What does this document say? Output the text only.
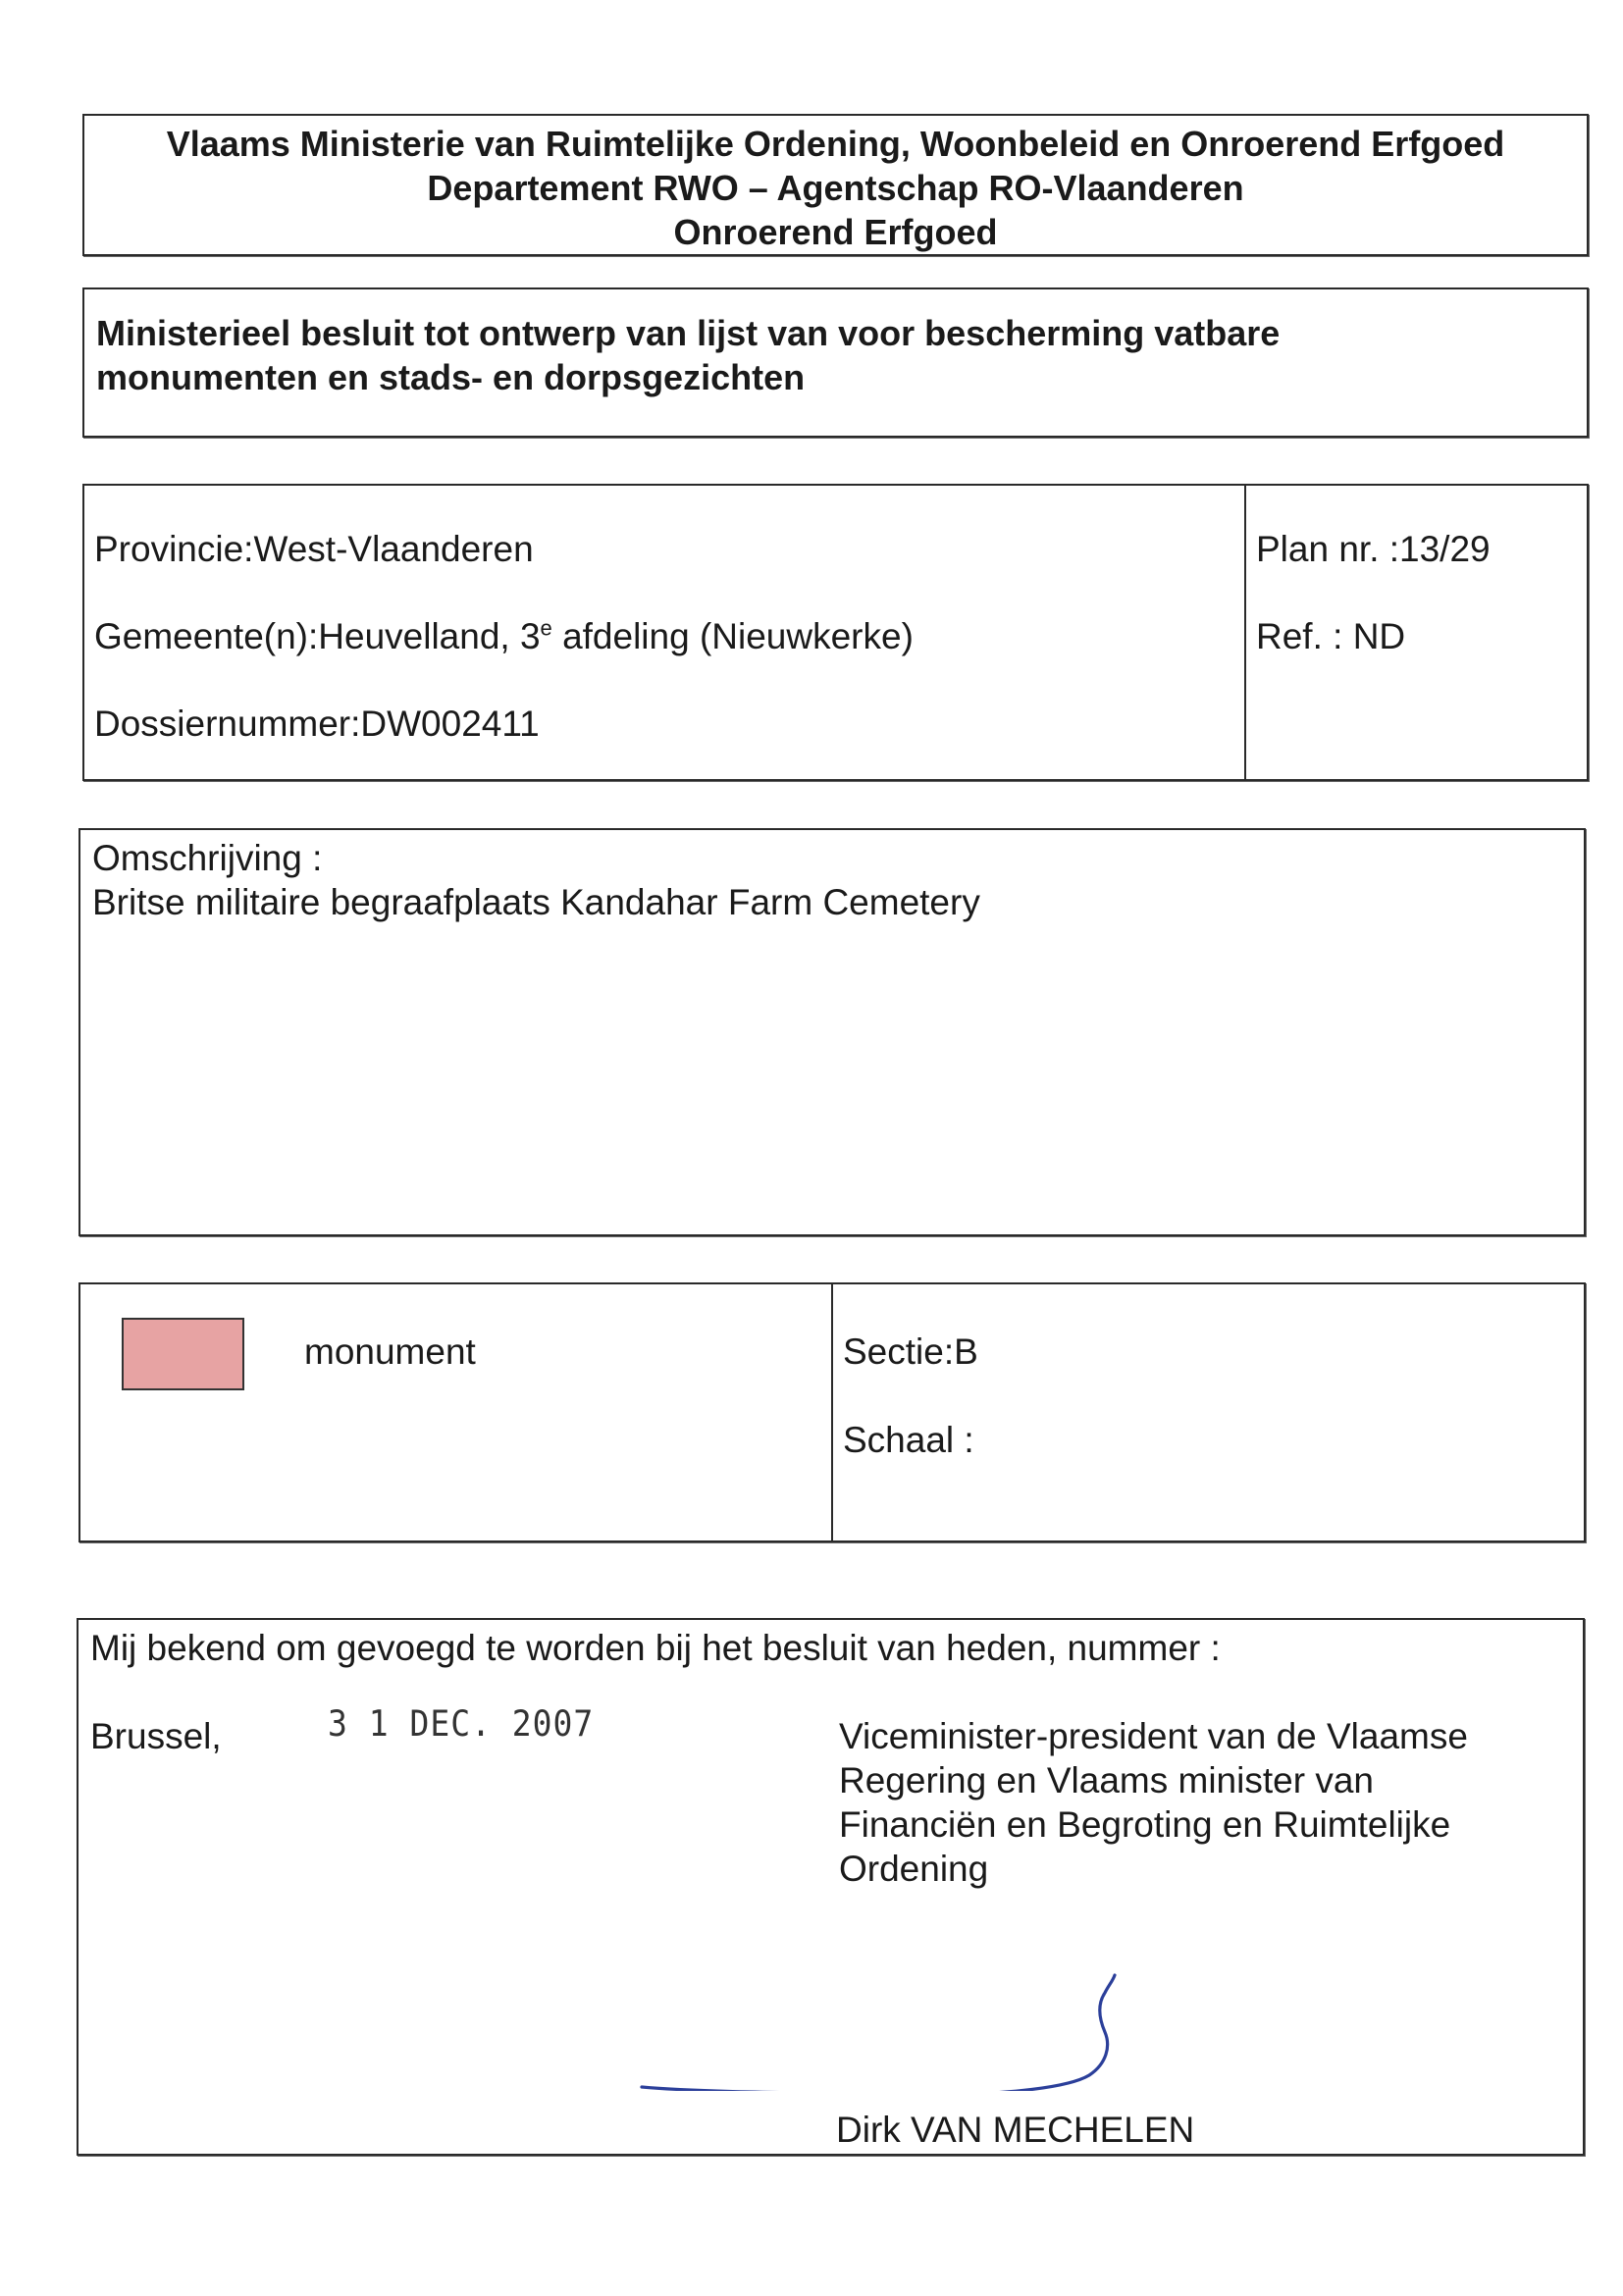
Vlaams Ministerie van Ruimtelijke Ordening, Woonbeleid en Onroerend Erfgoed
Departement RWO – Agentschap RO-Vlaanderen
Onroerend Erfgoed
Ministerieel besluit tot ontwerp van lijst van voor bescherming vatbare
monumenten en stads- en dorpsgezichten
Provincie:West-Vlaanderen
Gemeente(n):Heuvelland, 3e afdeling (Nieuwkerke)
Dossiernummer:DW002411
Plan nr. :13/29
Ref. : ND
Omschrijving :
Britse militaire begraafplaats Kandahar Farm Cemetery
monument	Sectie:B
Schaal :
Mij bekend om gevoegd te worden bij het besluit van heden, nummer :
Brussel,	3 1 DEC. 2007	Viceminister-president van de Vlaamse
Regering en Vlaams minister van
Financiën en Begroting en Ruimtelijke
Ordening
Dirk VAN MECHELEN
